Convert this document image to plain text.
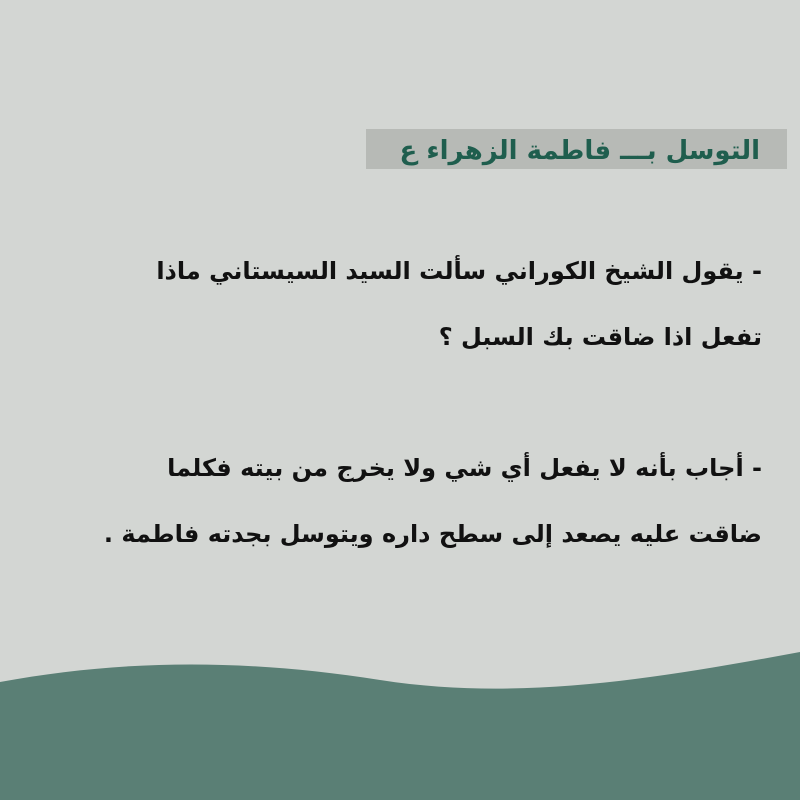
التوسل بـــ فاطمة الزهراء ع
- يقول الشيخ الكوراني سألت السيد السيستاني ماذا
تفعل اذا ضاقت بك السبل ؟
- أجاب بأنه لا يفعل أي شي ولا يخرج من بيته فكلما
ضاقت عليه يصعد إلى سطح داره ويتوسل بجدته فاطمة .
